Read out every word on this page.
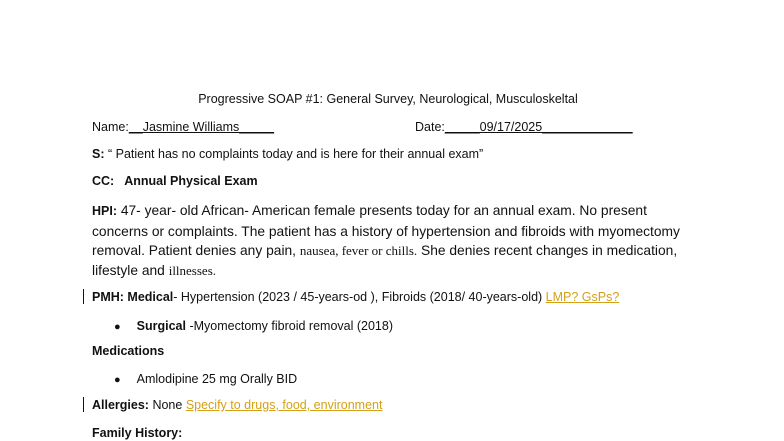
Progressive SOAP #1: General Survey, Neurological, Musculoskeltal
Name:__Jasmine Williams_____	Date:_____09/17/2025_____________
S: “ Patient has no complaints today and is here for their annual exam”
CC: Annual Physical Exam
HPI: 47- year- old African- American female presents today for an annual exam. No present concerns or complaints. The patient has a history of hypertension and fibroids with myomectomy removal. Patient denies any pain, nausea, fever or chills. She denies recent changes in medication, lifestyle and illnesses.
PMH: Medical- Hypertension (2023 / 45-years-od ), Fibroids (2018/ 40-years-old) LMP? GsPs?
● Surgical -Myomectomy fibroid removal (2018)
Medications
● Amlodipine 25 mg Orally BID
Allergies: None Specify to drugs, food, environment
Family History:
